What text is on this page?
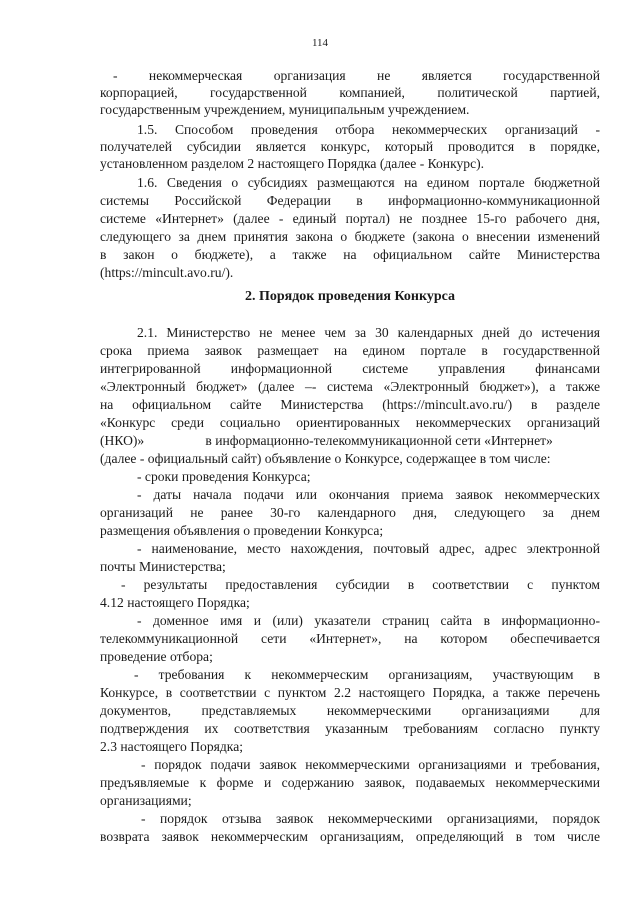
114
- некоммерческая организация не является государственной
корпорацией, государственной компанией, политической партией,
государственным учреждением, муниципальным учреждением.
1.5. Способом проведения отбора некоммерческих организаций -
получателей субсидии является конкурс, который проводится в порядке,
установленном разделом 2 настоящего Порядка (далее - Конкурс).
1.6. Сведения о субсидиях размещаются на едином портале бюджетной
системы Российской Федерации в информационно-коммуникационной
системе «Интернет» (далее - единый портал) не позднее 15-го рабочего дня,
следующего за днем принятия закона о бюджете (закона о внесении изменений
в закон о бюджете), а также на официальном сайте Министерства
(https://mincult.avo.ru/).
2. Порядок проведения Конкурса
2.1. Министерство не менее чем за 30 календарных дней до истечения
срока приема заявок размещает на едином портале в государственной
интегрированной информационной системе управления финансами
«Электронный бюджет» (далее –- система «Электронный бюджет»), а также
на официальном сайте Министерства (https://mincult.avo.ru/) в разделе
«Конкурс среди социально ориентированных некоммерческих организаций
(НКО)»                  в информационно-телекоммуникационной сети «Интернет»
(далее - официальный сайт) объявление о Конкурсе, содержащее в том числе:
- сроки проведения Конкурса;
- даты начала подачи или окончания приема заявок некоммерческих
организаций не ранее 30-го календарного дня, следующего за днем
размещения объявления о проведении Конкурса;
- наименование, место нахождения, почтовый адрес, адрес электронной
почты Министерства;
- результаты предоставления субсидии в соответствии с пунктом
4.12 настоящего Порядка;
- доменное имя и (или) указатели страниц сайта в информационно-
телекоммуникационной сети «Интернет», на котором обеспечивается
проведение отбора;
- требования к некоммерческим организациям, участвующим в
Конкурсе, в соответствии с пунктом 2.2 настоящего Порядка, а также перечень
документов, представляемых некоммерческими организациями для
подтверждения их соответствия указанным требованиям согласно пункту
2.3 настоящего Порядка;
- порядок подачи заявок некоммерческими организациями и требования,
предъявляемые к форме и содержанию заявок, подаваемых некоммерческими
организациями;
- порядок отзыва заявок некоммерческими организациями, порядок
возврата заявок некоммерческим организациям, определяющий в том числе
